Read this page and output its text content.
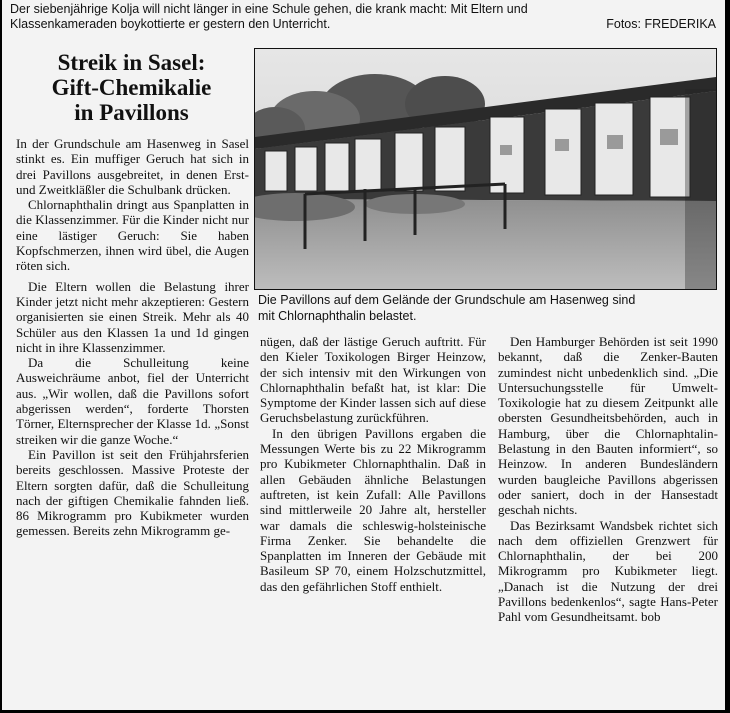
Der siebenjährige Kolja will nicht länger in eine Schule gehen, die krank macht: Mit Eltern und
Klassenkameraden boykottierte er gestern den Unterricht.	Fotos: FREDERIKA
Streik in Sasel:
Gift-Chemikalie
in Pavillons
Die Pavillons auf dem Gelände der Grundschule am Hasenweg sind
mit Chlornaphthalin belastet.

In der Grundschule am Hasenweg in Sasel stinkt es. Ein muffiger Geruch hat sich in drei Pavillons ausgebreitet, in denen Erst- und Zweitkläßler die Schulbank drücken.

Chlornaphthalin dringt aus Spanplatten in die Klassenzimmer. Für die Kinder nicht nur eine lästiger Geruch: Sie haben Kopfschmerzen, ihnen wird übel, die Augen röten sich.

Die Eltern wollen die Belastung ihrer Kinder jetzt nicht mehr akzeptieren: Gestern organisierten sie einen Streik. Mehr als 40 Schüler aus den Klassen 1a und 1d gingen nicht in ihre Klassenzimmer.

Da die Schulleitung keine Ausweichräume anbot, fiel der Unterricht aus. „Wir wollen, daß die Pavillons sofort abgerissen werden“, forderte Thorsten Törner, Elternsprecher der Klasse 1d. „Sonst streiken wir die ganze Woche.“

Ein Pavillon ist seit den Frühjahrsferien bereits geschlossen. Massive Proteste der Eltern sorgten dafür, daß die Schulleitung nach der giftigen Chemikalie fahnden ließ. 86 Mikrogramm pro Kubikmeter wurden gemessen. Bereits zehn Mikrogramm ge-

nügen, daß der lästige Geruch auftritt. Für den Kieler Toxikologen Birger Heinzow, der sich intensiv mit den Wirkungen von Chlornaphthalin befaßt hat, ist klar: Die Symptome der Kinder lassen sich auf diese Geruchsbelastung zurückführen.

In den übrigen Pavillons ergaben die Messungen Werte bis zu 22 Mikrogramm pro Kubikmeter Chlornaphthalin. Daß in allen Gebäuden ähnliche Belastungen auftreten, ist kein Zufall: Alle Pavillons sind mittlerweile 20 Jahre alt, hersteller war damals die schleswig-holsteinische Firma Zenker. Sie behandelte die Spanplatten im Inneren der Gebäude mit Basileum SP 70, einem Holzschutzmittel, das den gefährlichen Stoff enthielt.

Den Hamburger Behörden ist seit 1990 bekannt, daß die Zenker-Bauten zumindest nicht unbedenklich sind. „Die Untersuchungsstelle für Umwelt-Toxikologie hat zu diesem Zeitpunkt alle obersten Gesundheitsbehörden, auch in Hamburg, über die Chlornaphtalin-Belastung in den Bauten informiert“, so Heinzow. In anderen Bundesländern wurden baugleiche Pavillons abgerissen oder saniert, doch in der Hansestadt geschah nichts.

Das Bezirksamt Wandsbek richtet sich nach dem offiziellen Grenzwert für Chlornaphthalin, der bei 200 Mikrogramm pro Kubikmeter liegt. „Danach ist die Nutzung der drei Pavillons bedenkenlos“, sagte Hans-Peter Pahl vom Gesundheitsamt. bob
